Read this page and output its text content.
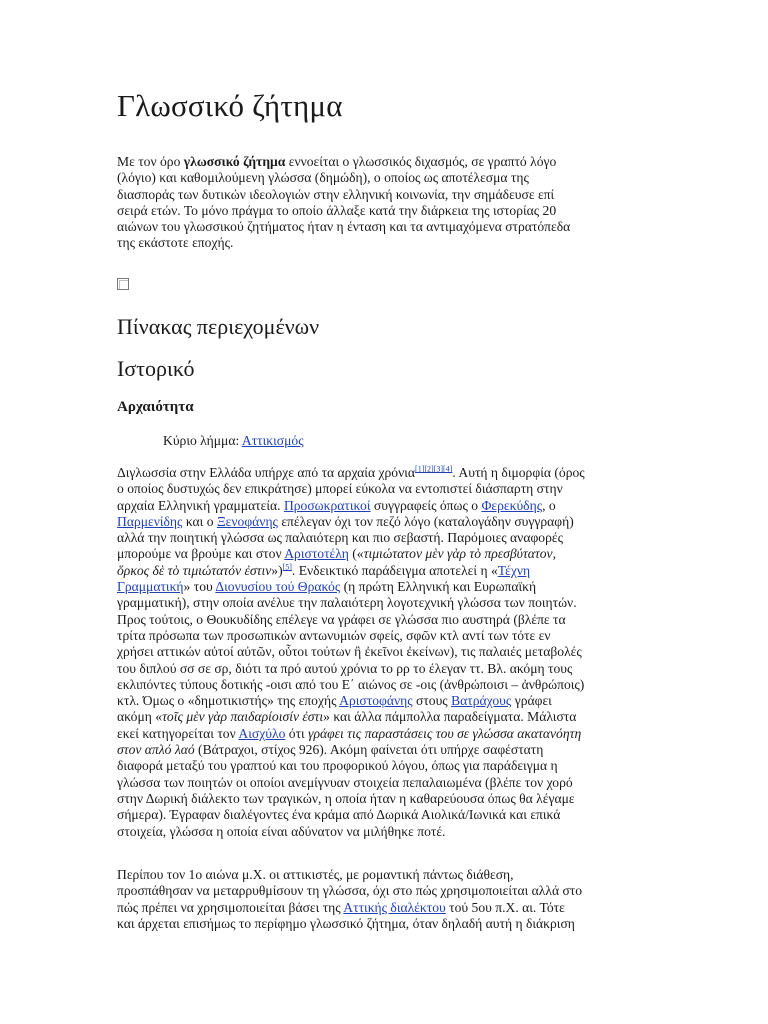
Γλωσσικό ζήτημα
Με τον όρο γλωσσικό ζήτημα εννοείται ο γλωσσικός διχασμός, σε γραπτό λόγο
(λόγιο) και καθομιλούμενη γλώσσα (δημώδη), ο οποίος ως αποτέλεσμα της
διασποράς των δυτικών ιδεολογιών στην ελληνική κοινωνία, την σημάδευσε επί
σειρά ετών. Το μόνο πράγμα το οποίο άλλαξε κατά την διάρκεια της ιστορίας 20
αιώνων του γλωσσικού ζητήματος ήταν η ένταση και τα αντιμαχόμενα στρατόπεδα
της εκάστοτε εποχής.
Πίνακας περιεχομένων
Ιστορικό
Αρχαιότητα
Κύριο λήμμα: Αττικισμός
Διγλωσσία στην Ελλάδα υπήρχε από τα αρχαία χρόνια[1][2][3][4]. Αυτή η διμορφία (όρος
ο οποίος δυστυχώς δεν επικράτησε) μπορεί εύκολα να εντοπιστεί διάσπαρτη στην
αρχαία Ελληνική γραμματεία. Προσωκρατικοί συγγραφείς όπως ο Φερεκύδης, ο
Παρμενίδης και ο Ξενοφάνης επέλεγαν όχι τον πεζό λόγο (καταλογάδην συγγραφή)
αλλά την ποιητική γλώσσα ως παλαιότερη και πιο σεβαστή. Παρόμοιες αναφορές
μπορούμε να βρούμε και στον Αριστοτέλη («τιμιώτατον μὲν γὰρ τὸ πρεσβύτατον,
ὅρκος δὲ τὸ τιμιώτατόν ἐστιν»)[5]. Ενδεικτικό παράδειγμα αποτελεί η «Τέχνη
Γραμματική» του Διονυσίου τού Θρακός (η πρώτη Ελληνική και Ευρωπαϊκή
γραμματική), στην οποία ανέλυε την παλαιότερη λογοτεχνική γλώσσα των ποιητών.
Προς τούτοις, ο Θουκυδίδης επέλεγε να γράφει σε γλώσσα πιο αυστηρά (βλέπε τα
τρίτα πρόσωπα των προσωπικών αντωνυμιών σφείς, σφῶν κτλ αντί των τότε εν
χρήσει αττικών αὐτοί αὐτῶν, οὗτοι τούτων ἢ ἐκεῖνοι ἐκείνων), τις παλαιές μεταβολές
του διπλού σσ σε σρ, διότι τα πρό αυτού χρόνια το ρρ το έλεγαν ττ. Βλ. ακόμη τους
εκλιπόντες τύπους δοτικής -οισι από του Ε΄ αιώνος σε -οις (ἀνθρώποισι – ἀνθρώποις)
κτλ. Όμως ο «δημοτικιστής» της εποχής Αριστοφάνης στους Βατράχους γράφει
ακόμη «τοῖς μὲν γὰρ παιδαρίοισίν ἐστι» και άλλα πάμπολλα παραδείγματα. Μάλιστα
εκεί κατηγορείται τον Αισχύλο ότι γράφει τις παραστάσεις του σε γλώσσα ακατανόητη
στον απλό λαό (Βάτραχοι, στίχος 926). Ακόμη φαίνεται ότι υπήρχε σαφέστατη
διαφορά μεταξύ του γραπτού και του προφορικού λόγου, όπως για παράδειγμα η
γλώσσα των ποιητών οι οποίοι ανεμίγνυαν στοιχεία πεπαλαιωμένα (βλέπε τον χορό
στην Δωρική διάλεκτο των τραγικών, η οποία ήταν η καθαρεύουσα όπως θα λέγαμε
σήμερα). Έγραφαν διαλέγοντες ένα κράμα από Δωρικά Αιολικά/Ιωνικά και επικά
στοιχεία, γλώσσα η οποία είναι αδύνατον να μιλήθηκε ποτέ.
Περίπου τον 1ο αιώνα μ.Χ. οι αττικιστές, με ρομαντική πάντως διάθεση,
προσπάθησαν να μεταρρυθμίσουν τη γλώσσα, όχι στο πώς χρησιμοποιείται αλλά στο
πώς πρέπει να χρησιμοποιείται βάσει της Αττικής διαλέκτου τού 5ου π.Χ. αι. Τότε
και άρχεται επισήμως το περίφημο γλωσσικό ζήτημα, όταν δηλαδή αυτή η διάκριση
